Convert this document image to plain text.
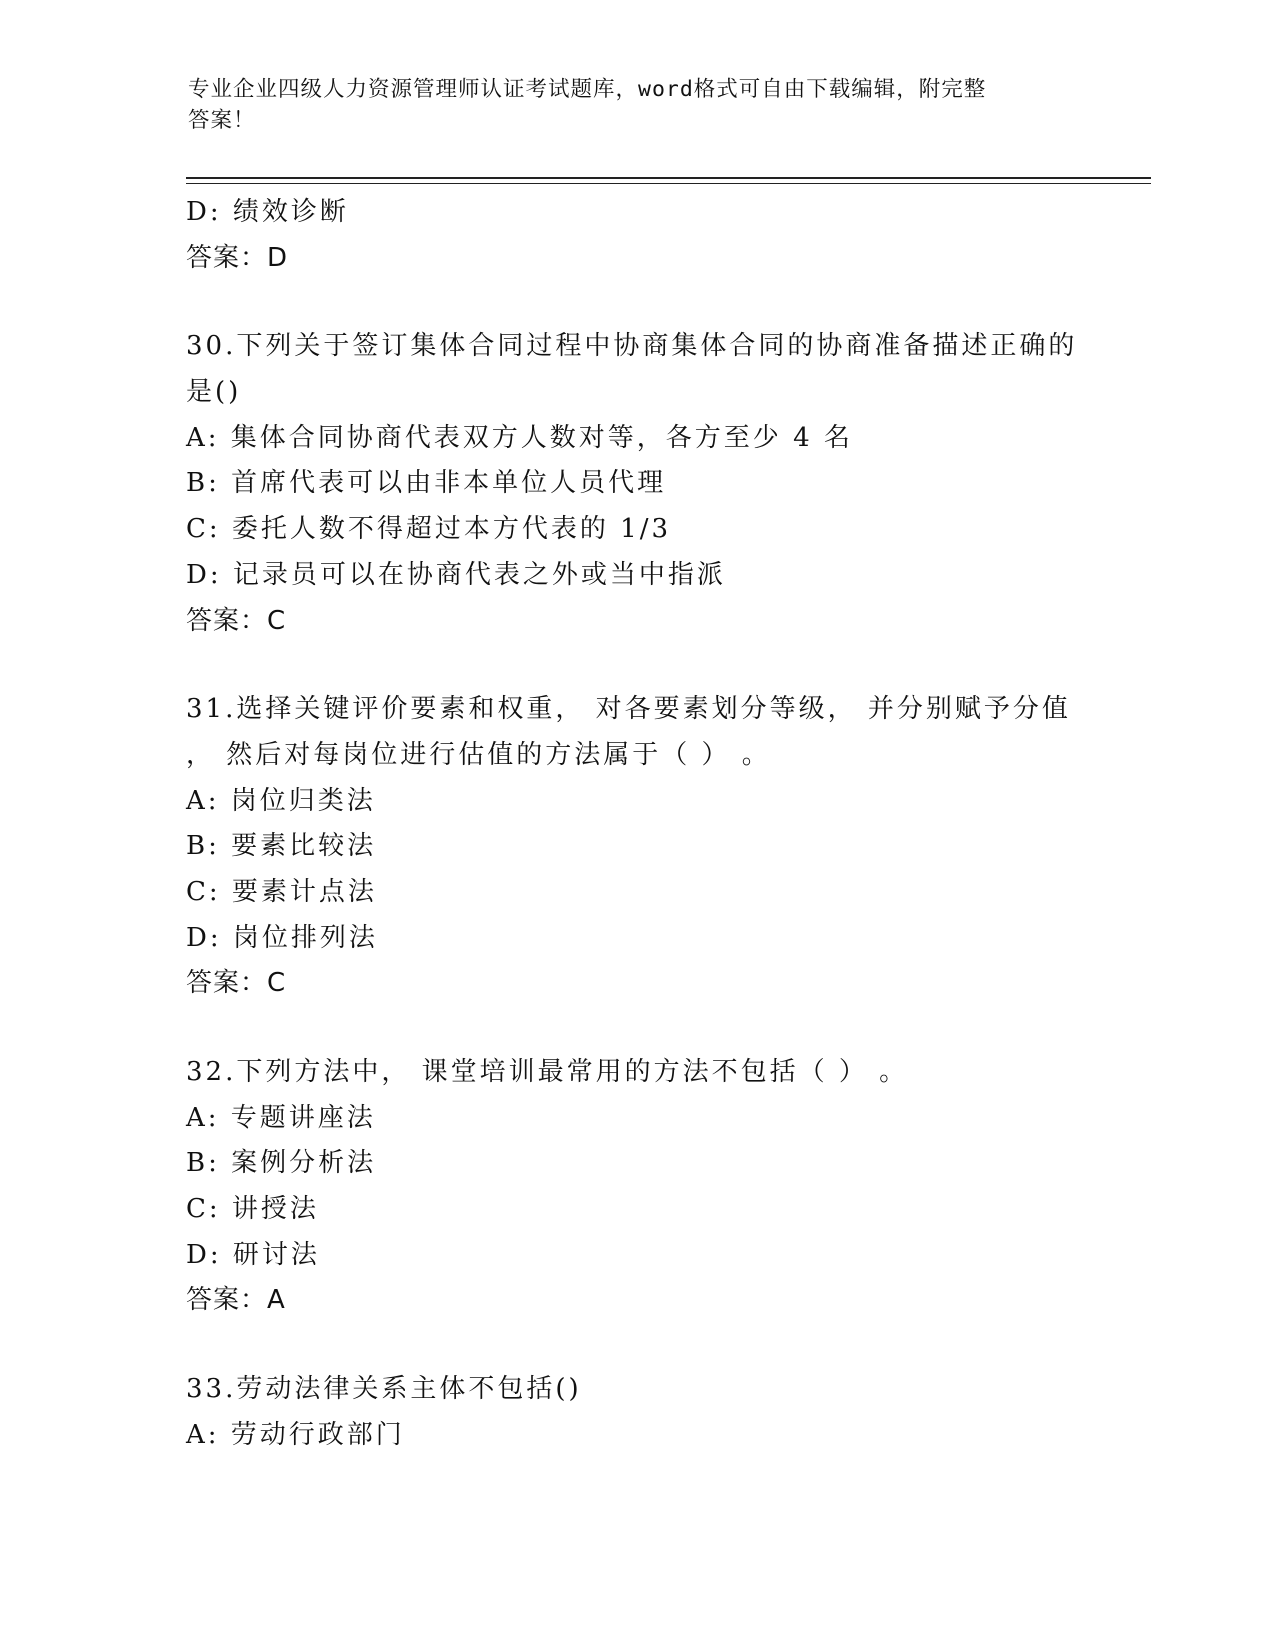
专业企业四级人力资源管理师认证考试题库，word格式可自由下载编辑，附完整
答案！
D: 绩效诊断
答案：D
30.下列关于签订集体合同过程中协商集体合同的协商准备描述正确的
是()
A: 集体合同协商代表双方人数对等，各方至少 4 名
B: 首席代表可以由非本单位人员代理
C: 委托人数不得超过本方代表的 1/3
D: 记录员可以在协商代表之外或当中指派
答案：C
31.选择关键评价要素和权重， 对各要素划分等级， 并分别赋予分值
， 然后对每岗位进行估值的方法属于（ ） 。
A: 岗位归类法
B: 要素比较法
C: 要素计点法
D: 岗位排列法
答案：C
32.下列方法中， 课堂培训最常用的方法不包括（ ） 。
A: 专题讲座法
B: 案例分析法
C: 讲授法
D: 研讨法
答案：A
33.劳动法律关系主体不包括()
A: 劳动行政部门
